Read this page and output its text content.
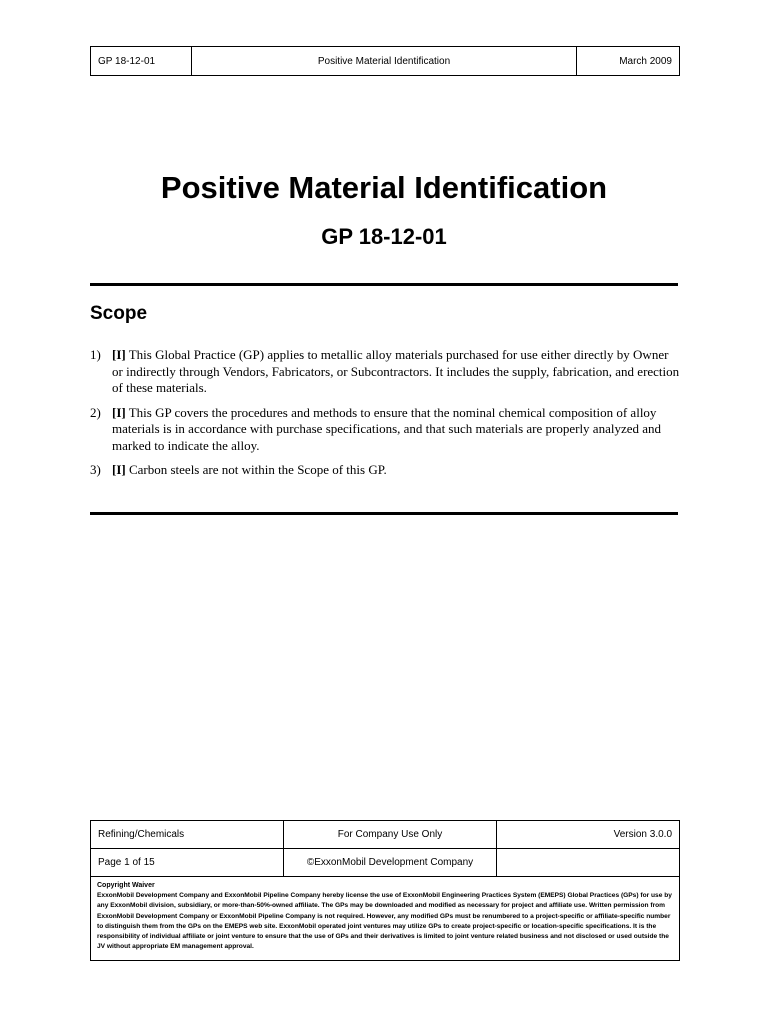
GP 18-12-01	Positive Material Identification	March 2009
Positive Material Identification
GP 18-12-01
Scope
1) [I] This Global Practice (GP) applies to metallic alloy materials purchased for use either directly by Owner or indirectly through Vendors, Fabricators, or Subcontractors. It includes the supply, fabrication, and erection of these materials.
2) [I] This GP covers the procedures and methods to ensure that the nominal chemical composition of alloy materials is in accordance with purchase specifications, and that such materials are properly analyzed and marked to indicate the alloy.
3) [I] Carbon steels are not within the Scope of this GP.
Refining/Chemicals	For Company Use Only	Version 3.0.0
Page 1 of 15	©ExxonMobil Development Company	

Copyright Waiver
ExxonMobil Development Company and ExxonMobil Pipeline Company hereby license the use of ExxonMobil Engineering Practices System (EMEPS) Global Practices (GPs) for use by any ExxonMobil division, subsidiary, or more-than-50%-owned affiliate. The GPs may be downloaded and modified as necessary for project and affiliate use. Written permission from ExxonMobil Development Company or ExxonMobil Pipeline Company is not required. However, any modified GPs must be renumbered to a project-specific or affiliate-specific number to distinguish them from the GPs on the EMEPS web site. ExxonMobil operated joint ventures may utilize GPs to create project-specific or location-specific specifications. It is the responsibility of individual affiliate or joint venture to ensure that the use of GPs and their derivatives is limited to joint venture related business and not disclosed or used outside the JV without appropriate EM management approval.		
